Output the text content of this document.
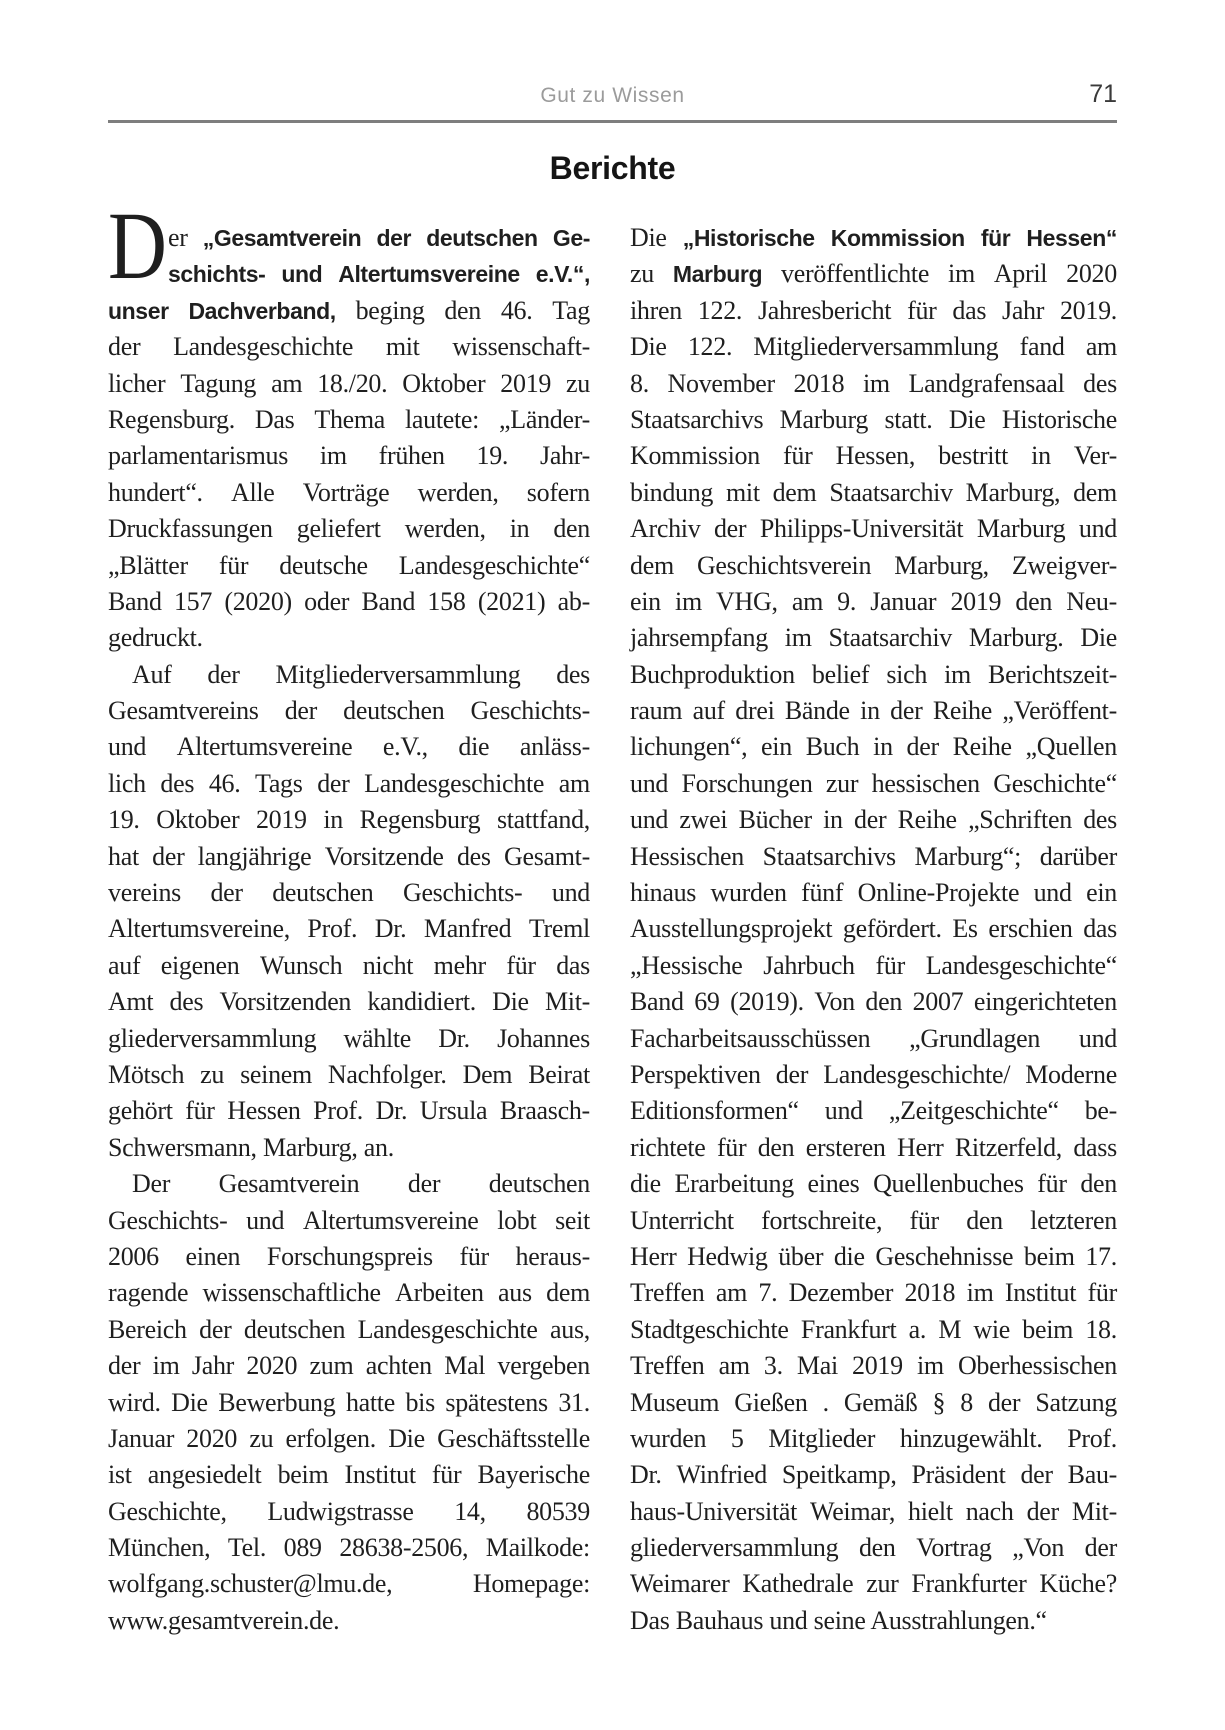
Gut zu Wissen	71
Berichte
D er „Gesamtverein der deutschen Ge-
schichts- und Altertumsvereine e.V.“,
unser Dachverband, beging den 46. Tag
der Landesgeschichte mit wissenschaft-
licher Tagung am 18./20. Oktober 2019 zu
Regensburg. Das Thema lautete: „Länder-
parlamentarismus im frühen 19. Jahr-
hundert“. Alle Vorträge werden, sofern
Druckfassungen geliefert werden, in den
„Blätter für deutsche Landesgeschichte“
Band 157 (2020) oder Band 158 (2021) ab-
gedruckt.
Auf der Mitgliederversammlung des
Gesamtvereins der deutschen Geschichts-
und Altertumsvereine e.V., die anläss-
lich des 46. Tags der Landesgeschichte am
19. Oktober 2019 in Regensburg stattfand,
hat der langjährige Vorsitzende des Gesamt-
vereins der deutschen Geschichts- und
Altertumsvereine, Prof. Dr. Manfred Treml
auf eigenen Wunsch nicht mehr für das
Amt des Vorsitzenden kandidiert. Die Mit-
gliederversammlung wählte Dr. Johannes
Mötsch zu seinem Nachfolger. Dem Beirat
gehört für Hessen Prof. Dr. Ursula Braasch-
Schwersmann, Marburg, an.
Der Gesamtverein der deutschen
Geschichts- und Altertumsvereine lobt seit
2006 einen Forschungspreis für heraus-
ragende wissenschaftliche Arbeiten aus dem
Bereich der deutschen Landesgeschichte aus,
der im Jahr 2020 zum achten Mal vergeben
wird. Die Bewerbung hatte bis spätestens 31.
Januar 2020 zu erfolgen. Die Geschäftsstelle
ist angesiedelt beim Institut für Bayerische
Geschichte, Ludwigstrasse 14, 80539
München, Tel. 089 28638-2506, Mailkode:
wolfgang.schuster@lmu.de,	Homepage:
www.gesamtverein.de.
Die „Historische Kommission für Hessen“
zu Marburg veröffentlichte im April 2020
ihren 122. Jahresbericht für das Jahr 2019.
Die 122. Mitgliederversammlung fand am
8. November 2018 im Landgrafensaal des
Staatsarchivs Marburg statt. Die Historische
Kommission für Hessen, bestritt in Ver-
bindung mit dem Staatsarchiv Marburg, dem
Archiv der Philipps-Universität Marburg und
dem Geschichtsverein Marburg, Zweigver-
ein im VHG, am 9. Januar 2019 den Neu-
jahrsempfang im Staatsarchiv Marburg. Die
Buchproduktion belief sich im Berichtszeit-
raum auf drei Bände in der Reihe „Veröffent-
lichungen“, ein Buch in der Reihe „Quellen
und Forschungen zur hessischen Geschichte“
und zwei Bücher in der Reihe „Schriften des
Hessischen Staatsarchivs Marburg“; darüber
hinaus wurden fünf Online-Projekte und ein
Ausstellungsprojekt gefördert. Es erschien das
„Hessische Jahrbuch für Landesgeschichte“
Band 69 (2019). Von den 2007 eingerichteten
Facharbeitsausschüssen „Grundlagen und
Perspektiven der Landesgeschichte/ Moderne
Editionsformen“ und „Zeitgeschichte“ be-
richtete für den ersteren Herr Ritzerfeld, dass
die Erarbeitung eines Quellenbuches für den
Unterricht fortschreite, für den letzteren
Herr Hedwig über die Geschehnisse beim 17.
Treffen am 7. Dezember 2018 im Institut für
Stadtgeschichte Frankfurt a. M wie beim 18.
Treffen am 3. Mai 2019 im Oberhessischen
Museum Gießen . Gemäß § 8 der Satzung
wurden 5 Mitglieder hinzugewählt. Prof.
Dr. Winfried Speitkamp, Präsident der Bau-
haus-Universität Weimar, hielt nach der Mit-
gliederversammlung den Vortrag „Von der
Weimarer Kathedrale zur Frankfurter Küche?
Das Bauhaus und seine Ausstrahlungen.“
